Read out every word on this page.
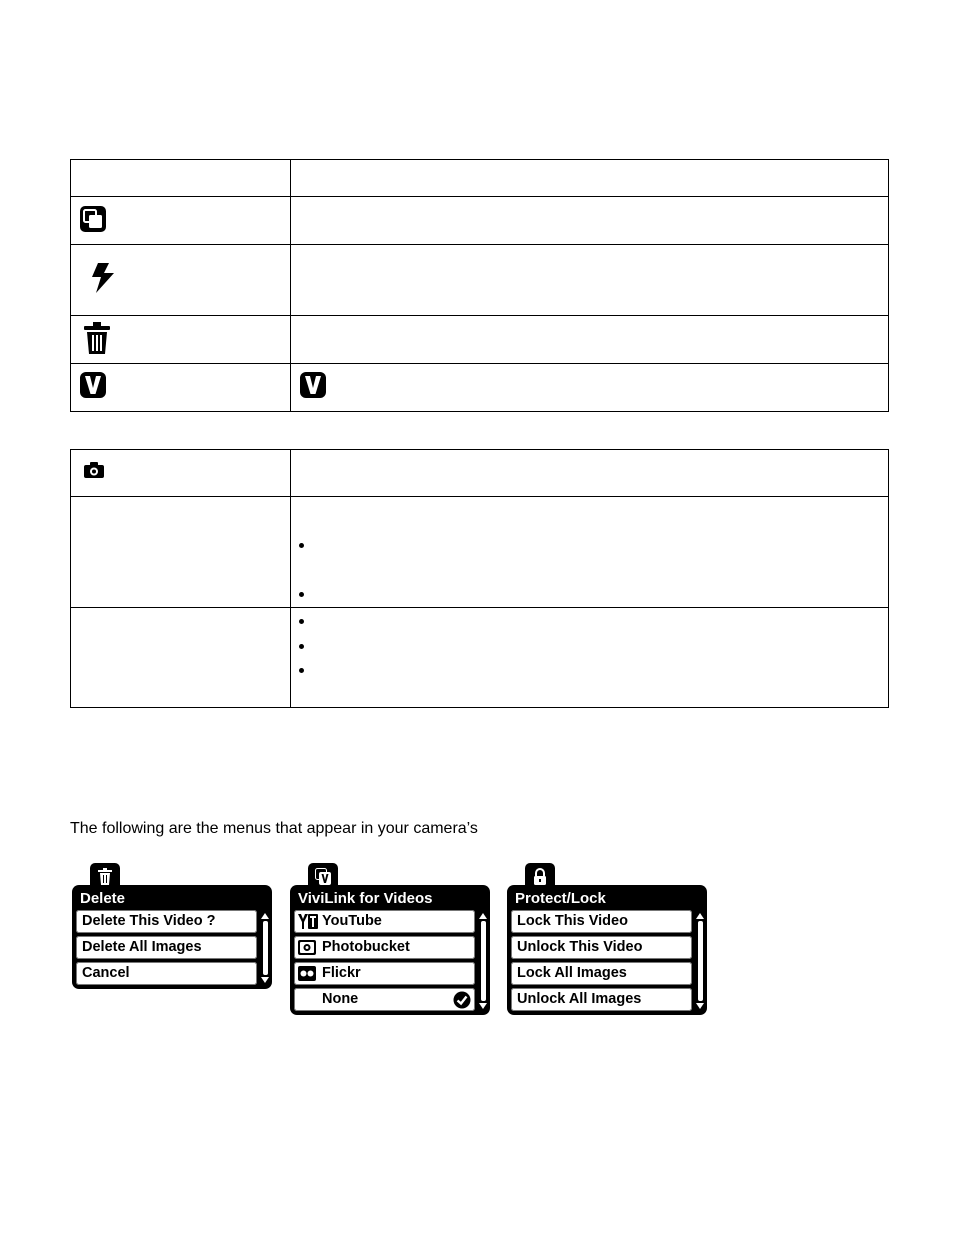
The following are the menus that appear in your camera’s

Delete
Delete This Video ?
Delete All Images
Cancel
ViviLink for Videos
YouTube
Photobucket
Flickr
None
Protect/Lock
Lock This Video
Unlock This Video
Lock All Images
Unlock All Images
